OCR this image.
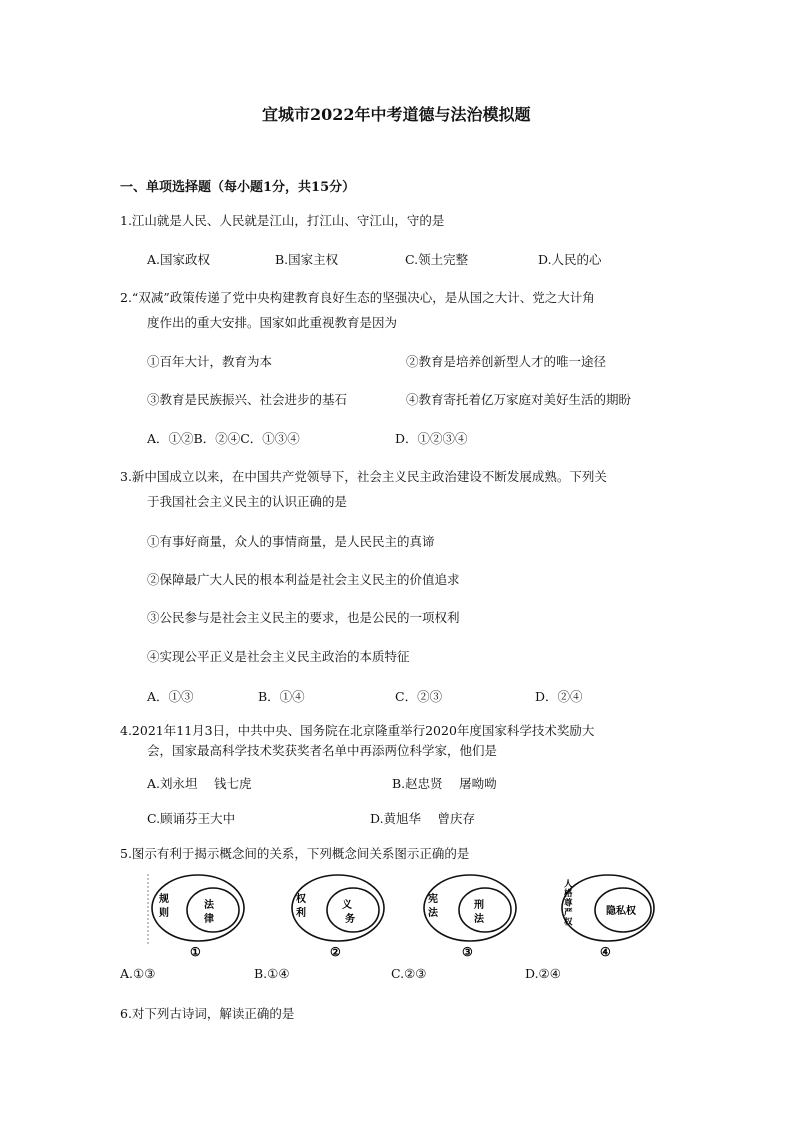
宜城市2022年中考道德与法治模拟题
一、单项选择题（每小题1分，共15分）
1.江山就是人民、人民就是江山，打江山、守江山，守的是
A.国家政权	B.国家主权	C.领土完整	D.人民的心
2.“双减”政策传递了党中央构建教育良好生态的坚强决心，是从国之大计、党之大计角
度作出的重大安排。国家如此重视教育是因为
①百年大计，教育为本	②教育是培养创新型人才的唯一途径
③教育是民族振兴、社会进步的基石	④教育寄托着亿万家庭对美好生活的期盼
A．①②B．②④C．①③④	D．①②③④
3.新中国成立以来，在中国共产党领导下，社会主义民主政治建设不断发展成熟。下列关
于我国社会主义民主的认识正确的是
①有事好商量，众人的事情商量，是人民民主的真谛
②保障最广大人民的根本利益是社会主义民主的价值追求
③公民参与是社会主义民主的要求，也是公民的一项权利
④实现公平正义是社会主义民主政治的本质特征
A．①③	B．①④	C．②③	D．②④
4.2021年11月3日，中共中央、国务院在北京隆重举行2020年度国家科学技术奖励大
会，国家最高科学技术奖获奖者名单中再添两位科学家，他们是
A.刘永坦　 钱七虎	B.赵忠贤　 屠呦呦
C.顾诵芬王大中	D.黄旭华　 曾庆存
5.图示有利于揭示概念间的关系，下列概念间关系图示正确的是
规则
法律
①
权利
义务
②
宪法
刑法
③
人格尊严权
隐私权
④
A.①③	B.①④	C.②③	D.②④
6.对下列古诗词，解读正确的是
